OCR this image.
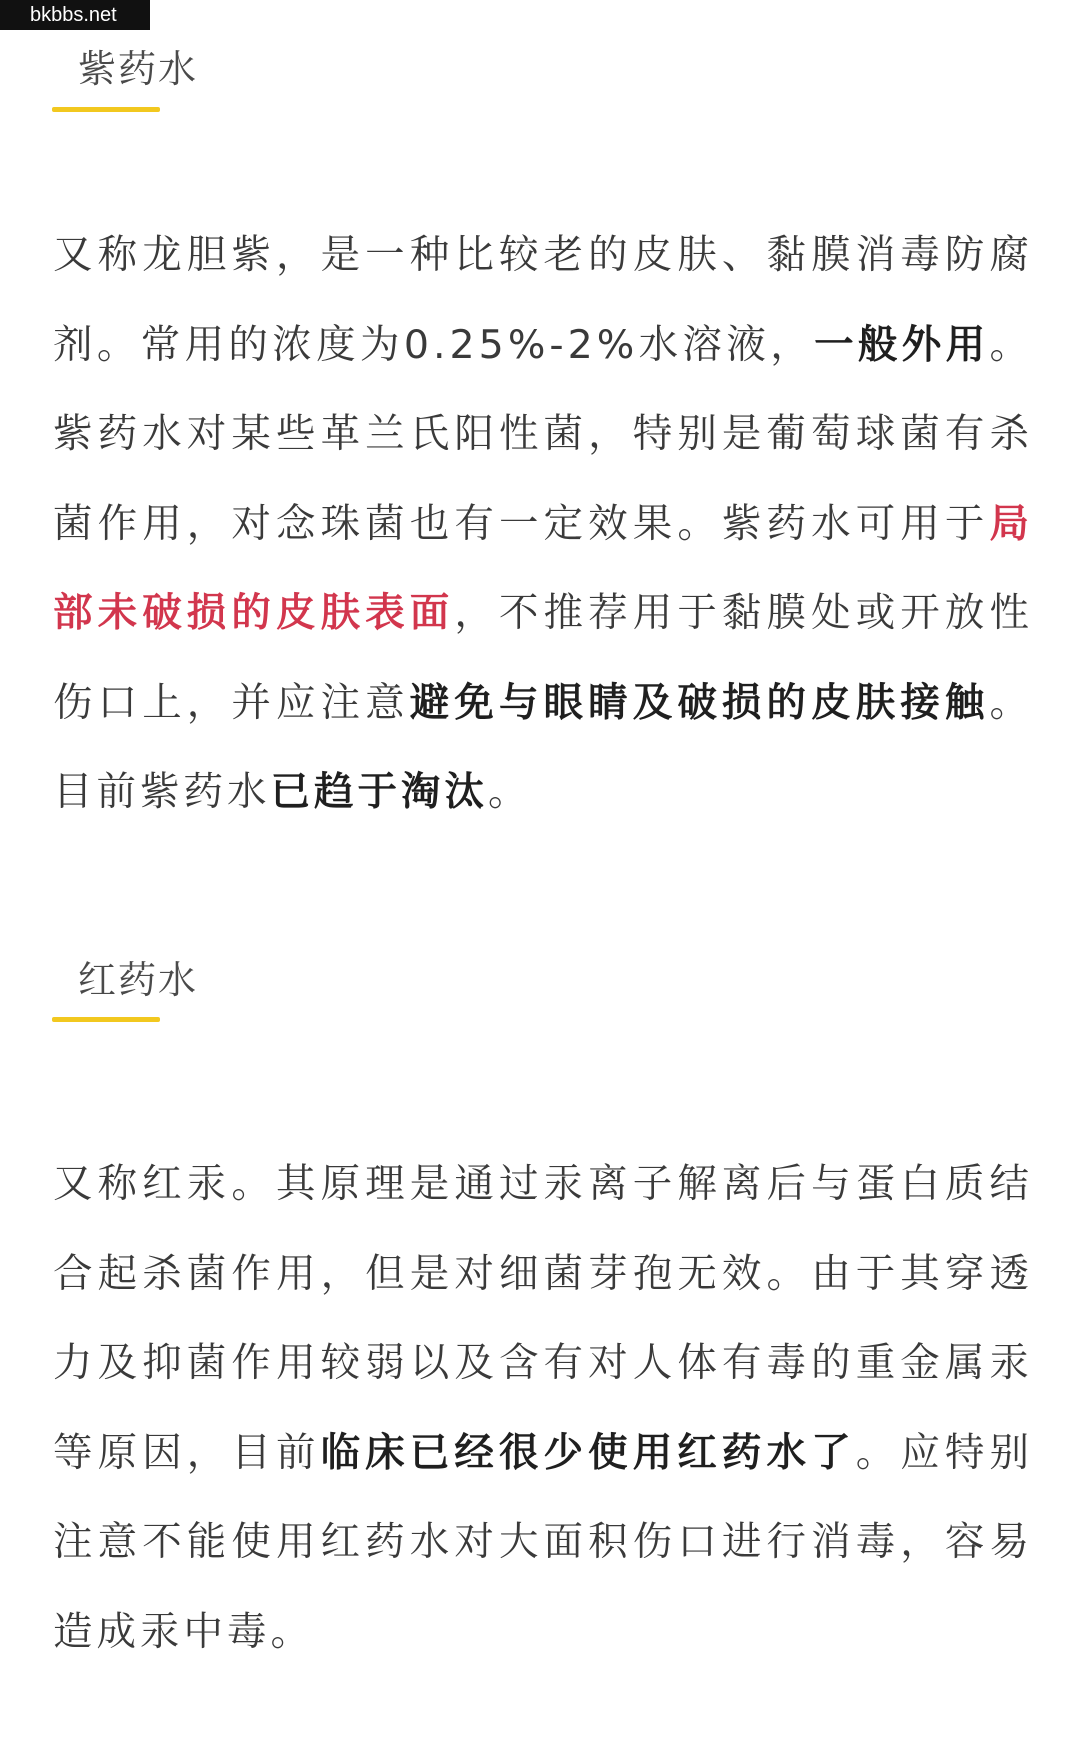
bkbbs.net
紫药水

又称龙胆紫，是一种比较老的皮肤、黏膜消毒防腐剂。常用的浓度为0.25%-2%水溶液，一般外用。紫药水对某些革兰氏阳性菌，特别是葡萄球菌有杀菌作用，对念珠菌也有一定效果。紫药水可用于局部未破损的皮肤表面，不推荐用于黏膜处或开放性伤口上，并应注意避免与眼睛及破损的皮肤接触。目前紫药水已趋于淘汰。

红药水

又称红汞。其原理是通过汞离子解离后与蛋白质结合起杀菌作用，但是对细菌芽孢无效。由于其穿透力及抑菌作用较弱以及含有对人体有毒的重金属汞等原因，目前临床已经很少使用红药水了。应特别注意不能使用红药水对大面积伤口进行消毒，容易造成汞中毒。
